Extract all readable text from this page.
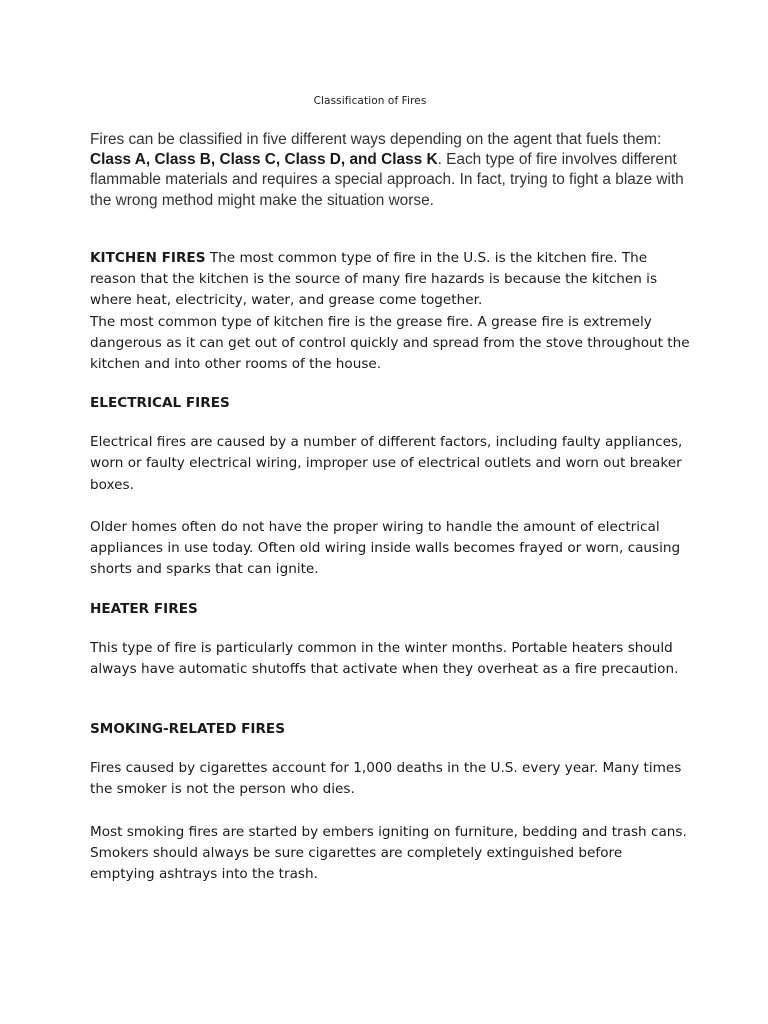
Classification of Fires
Fires can be classified in five different ways depending on the agent that fuels them: Class A, Class B, Class C, Class D, and Class K. Each type of fire involves different flammable materials and requires a special approach. In fact, trying to fight a blaze with the wrong method might make the situation worse.
KITCHEN FIRES The most common type of fire in the U.S. is the kitchen fire. The reason that the kitchen is the source of many fire hazards is because the kitchen is where heat, electricity, water, and grease come together.
The most common type of kitchen fire is the grease fire. A grease fire is extremely dangerous as it can get out of control quickly and spread from the stove throughout the kitchen and into other rooms of the house.
ELECTRICAL FIRES
Electrical fires are caused by a number of different factors, including faulty appliances, worn or faulty electrical wiring, improper use of electrical outlets and worn out breaker boxes.
Older homes often do not have the proper wiring to handle the amount of electrical appliances in use today. Often old wiring inside walls becomes frayed or worn, causing shorts and sparks that can ignite.
HEATER FIRES
This type of fire is particularly common in the winter months. Portable heaters should always have automatic shutoffs that activate when they overheat as a fire precaution.
SMOKING-RELATED FIRES
Fires caused by cigarettes account for 1,000 deaths in the U.S. every year. Many times the smoker is not the person who dies.
Most smoking fires are started by embers igniting on furniture, bedding and trash cans. Smokers should always be sure cigarettes are completely extinguished before emptying ashtrays into the trash.
